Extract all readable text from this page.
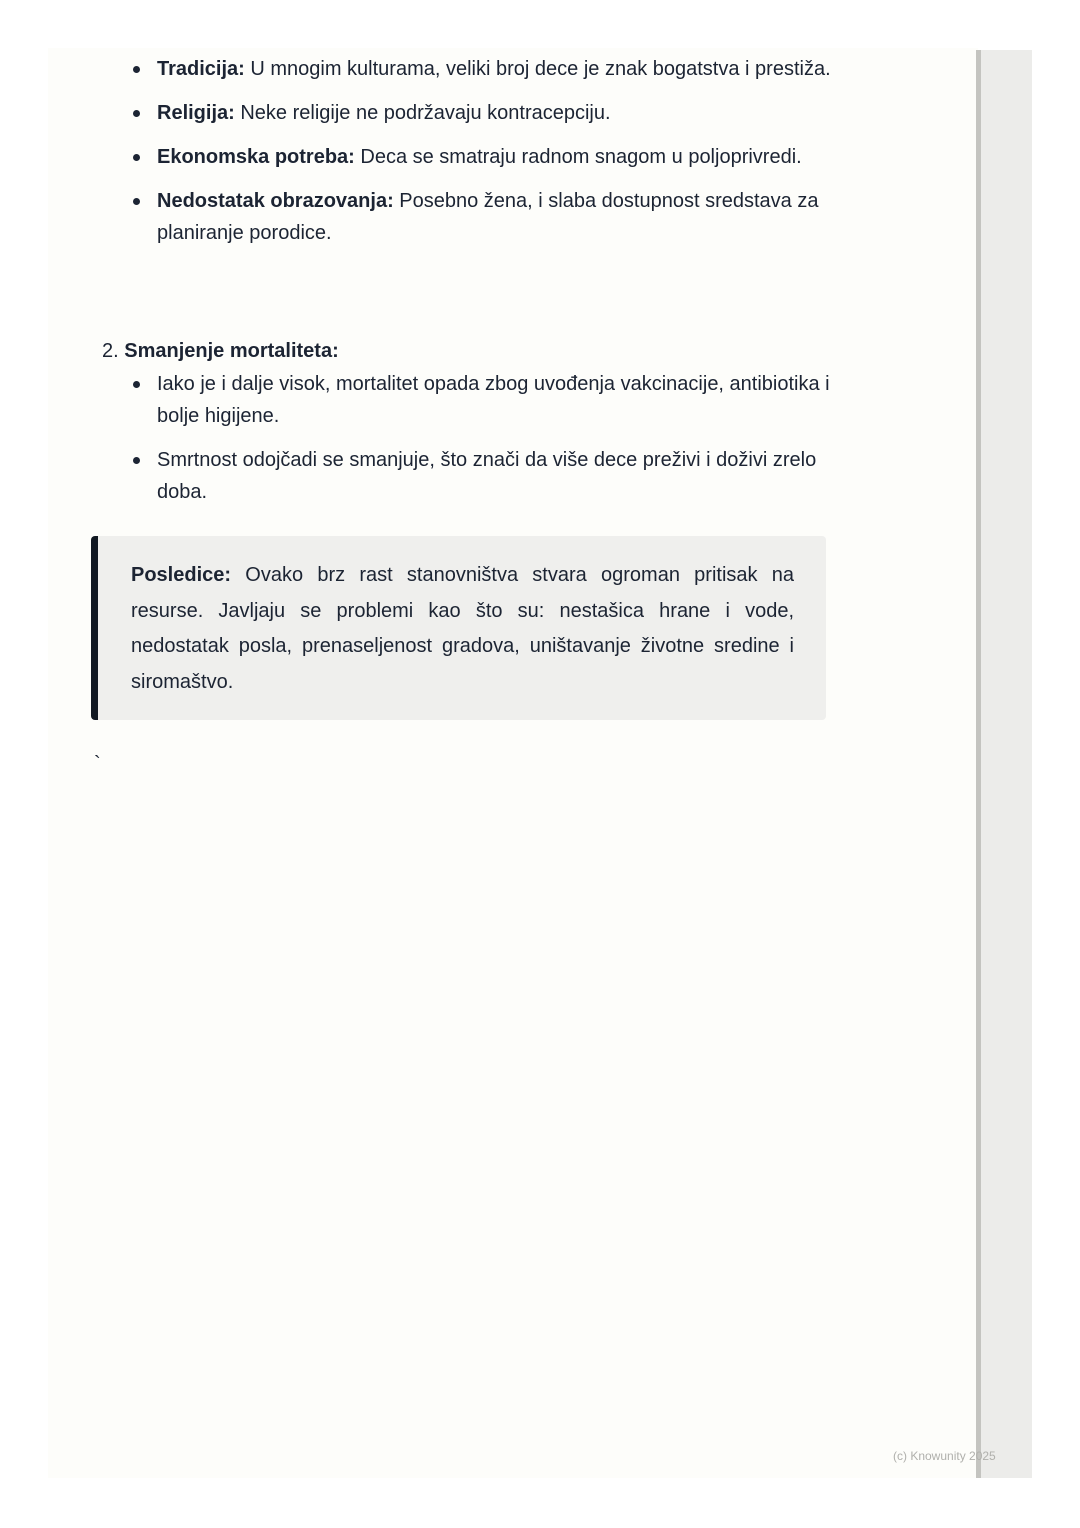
Tradicija: U mnogim kulturama, veliki broj dece je znak bogatstva i prestiža.
Religija: Neke religije ne podržavaju kontracepciju.
Ekonomska potreba: Deca se smatraju radnom snagom u poljoprivredi.
Nedostatak obrazovanja: Posebno žena, i slaba dostupnost sredstava za planiranje porodice.
2. Smanjenje mortaliteta:
Iako je i dalje visok, mortalitet opada zbog uvođenja vakcinacije, antibiotika i bolje higijene.
Smrtnost odojčadi se smanjuje, što znači da više dece preživi i doživi zrelo doba.
Posledice: Ovako brz rast stanovništva stvara ogroman pritisak na resurse. Javljaju se problemi kao što su: nestašica hrane i vode, nedostatak posla, prenaseljenost gradova, uništavanje životne sredine i siromaštvo.
`
(c) Knowunity 2025
